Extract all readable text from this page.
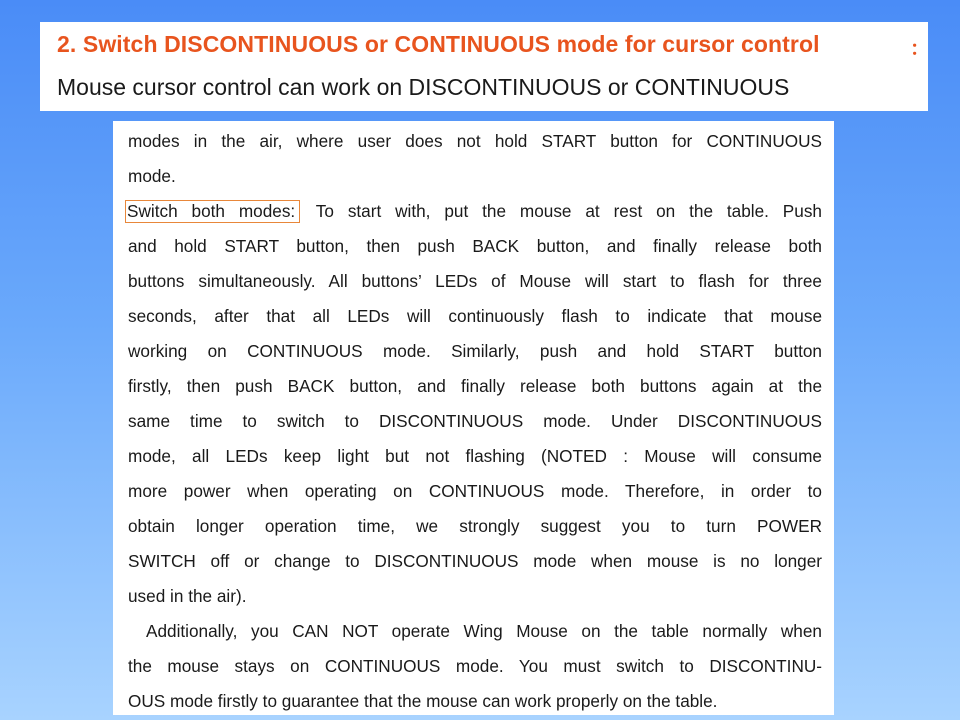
2. Switch DISCONTINUOUS or CONTINUOUS mode for cursor control	：
Mouse cursor control can work on DISCONTINUOUS or CONTINUOUS
modes in the air, where user does not hold START button for CONTINUOUS
mode.
Switch both modes: To start with, put the mouse at rest on the table. Push
and hold START button, then push BACK button, and finally release both
buttons simultaneously. All buttons’ LEDs of Mouse will start to flash for three
seconds, after that all LEDs will continuously flash to indicate that mouse
working on CONTINUOUS mode. Similarly, push and hold START button
firstly, then push BACK button, and finally release both buttons again at the
same time to switch to DISCONTINUOUS mode. Under DISCONTINUOUS
mode, all LEDs keep light but not flashing (NOTED : Mouse will consume
more power when operating on CONTINUOUS mode. Therefore, in order to
obtain longer operation time, we strongly suggest you to turn POWER
SWITCH off or change to DISCONTINUOUS mode when mouse is no longer
used in the air).
Additionally, you CAN NOT operate Wing Mouse on the table normally when
the mouse stays on CONTINUOUS mode. You must switch to DISCONTINU-
OUS mode firstly to guarantee that the mouse can work properly on the table.
